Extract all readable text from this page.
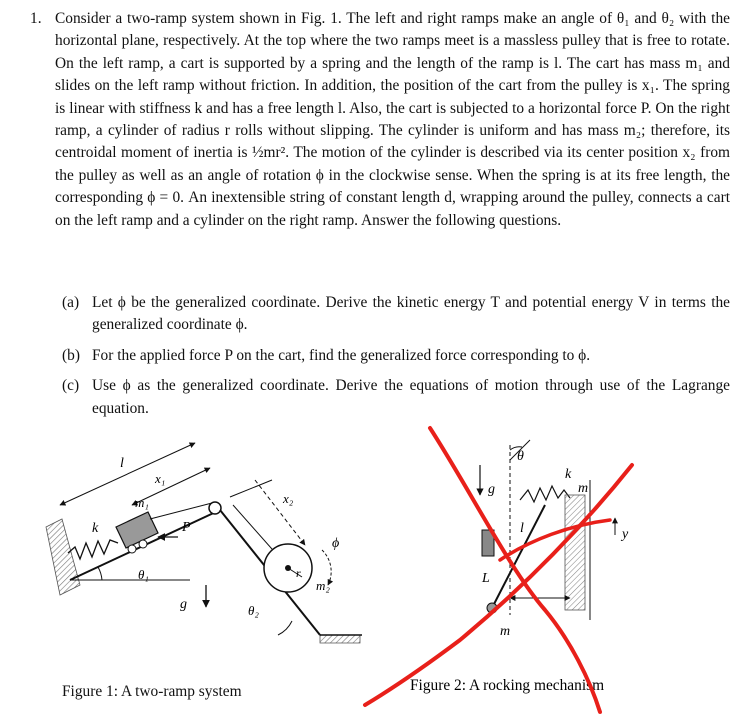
1. Consider a two-ramp system shown in Fig. 1. The left and right ramps make an angle of θ₁ and θ₂ with the horizontal plane, respectively. At the top where the two ramps meet is a massless pulley that is free to rotate. On the left ramp, a cart is supported by a spring and the length of the ramp is l. The cart has mass m₁ and slides on the left ramp without friction. In addition, the position of the cart from the pulley is x₁. The spring is linear with stiffness k and has a free length l. Also, the cart is subjected to a horizontal force P. On the right ramp, a cylinder of radius r rolls without slipping. The cylinder is uniform and has mass m₂; therefore, its centroidal moment of inertia is ½mr². The motion of the cylinder is described via its center position x₂ from the pulley as well as an angle of rotation ϕ in the clockwise sense. When the spring is at its free length, the corresponding ϕ = 0. An inextensible string of constant length d, wrapping around the pulley, connects a cart on the left ramp and a cylinder on the right ramp. Answer the following questions.
(a) Let ϕ be the generalized coordinate. Derive the kinetic energy T and potential energy V in terms the generalized coordinate ϕ.
(b) For the applied force P on the cart, find the generalized force corresponding to ϕ.
(c) Use ϕ as the generalized coordinate. Derive the equations of motion through use of the Lagrange equation.
l
x₁
m₁
k	P
θ₁
g	θ₂
x₂
ϕ
r
m₂
Figure 1: A two-ramp system
θ
g
k
m
l	y
L
m
Figure 2: A rocking mechanism
